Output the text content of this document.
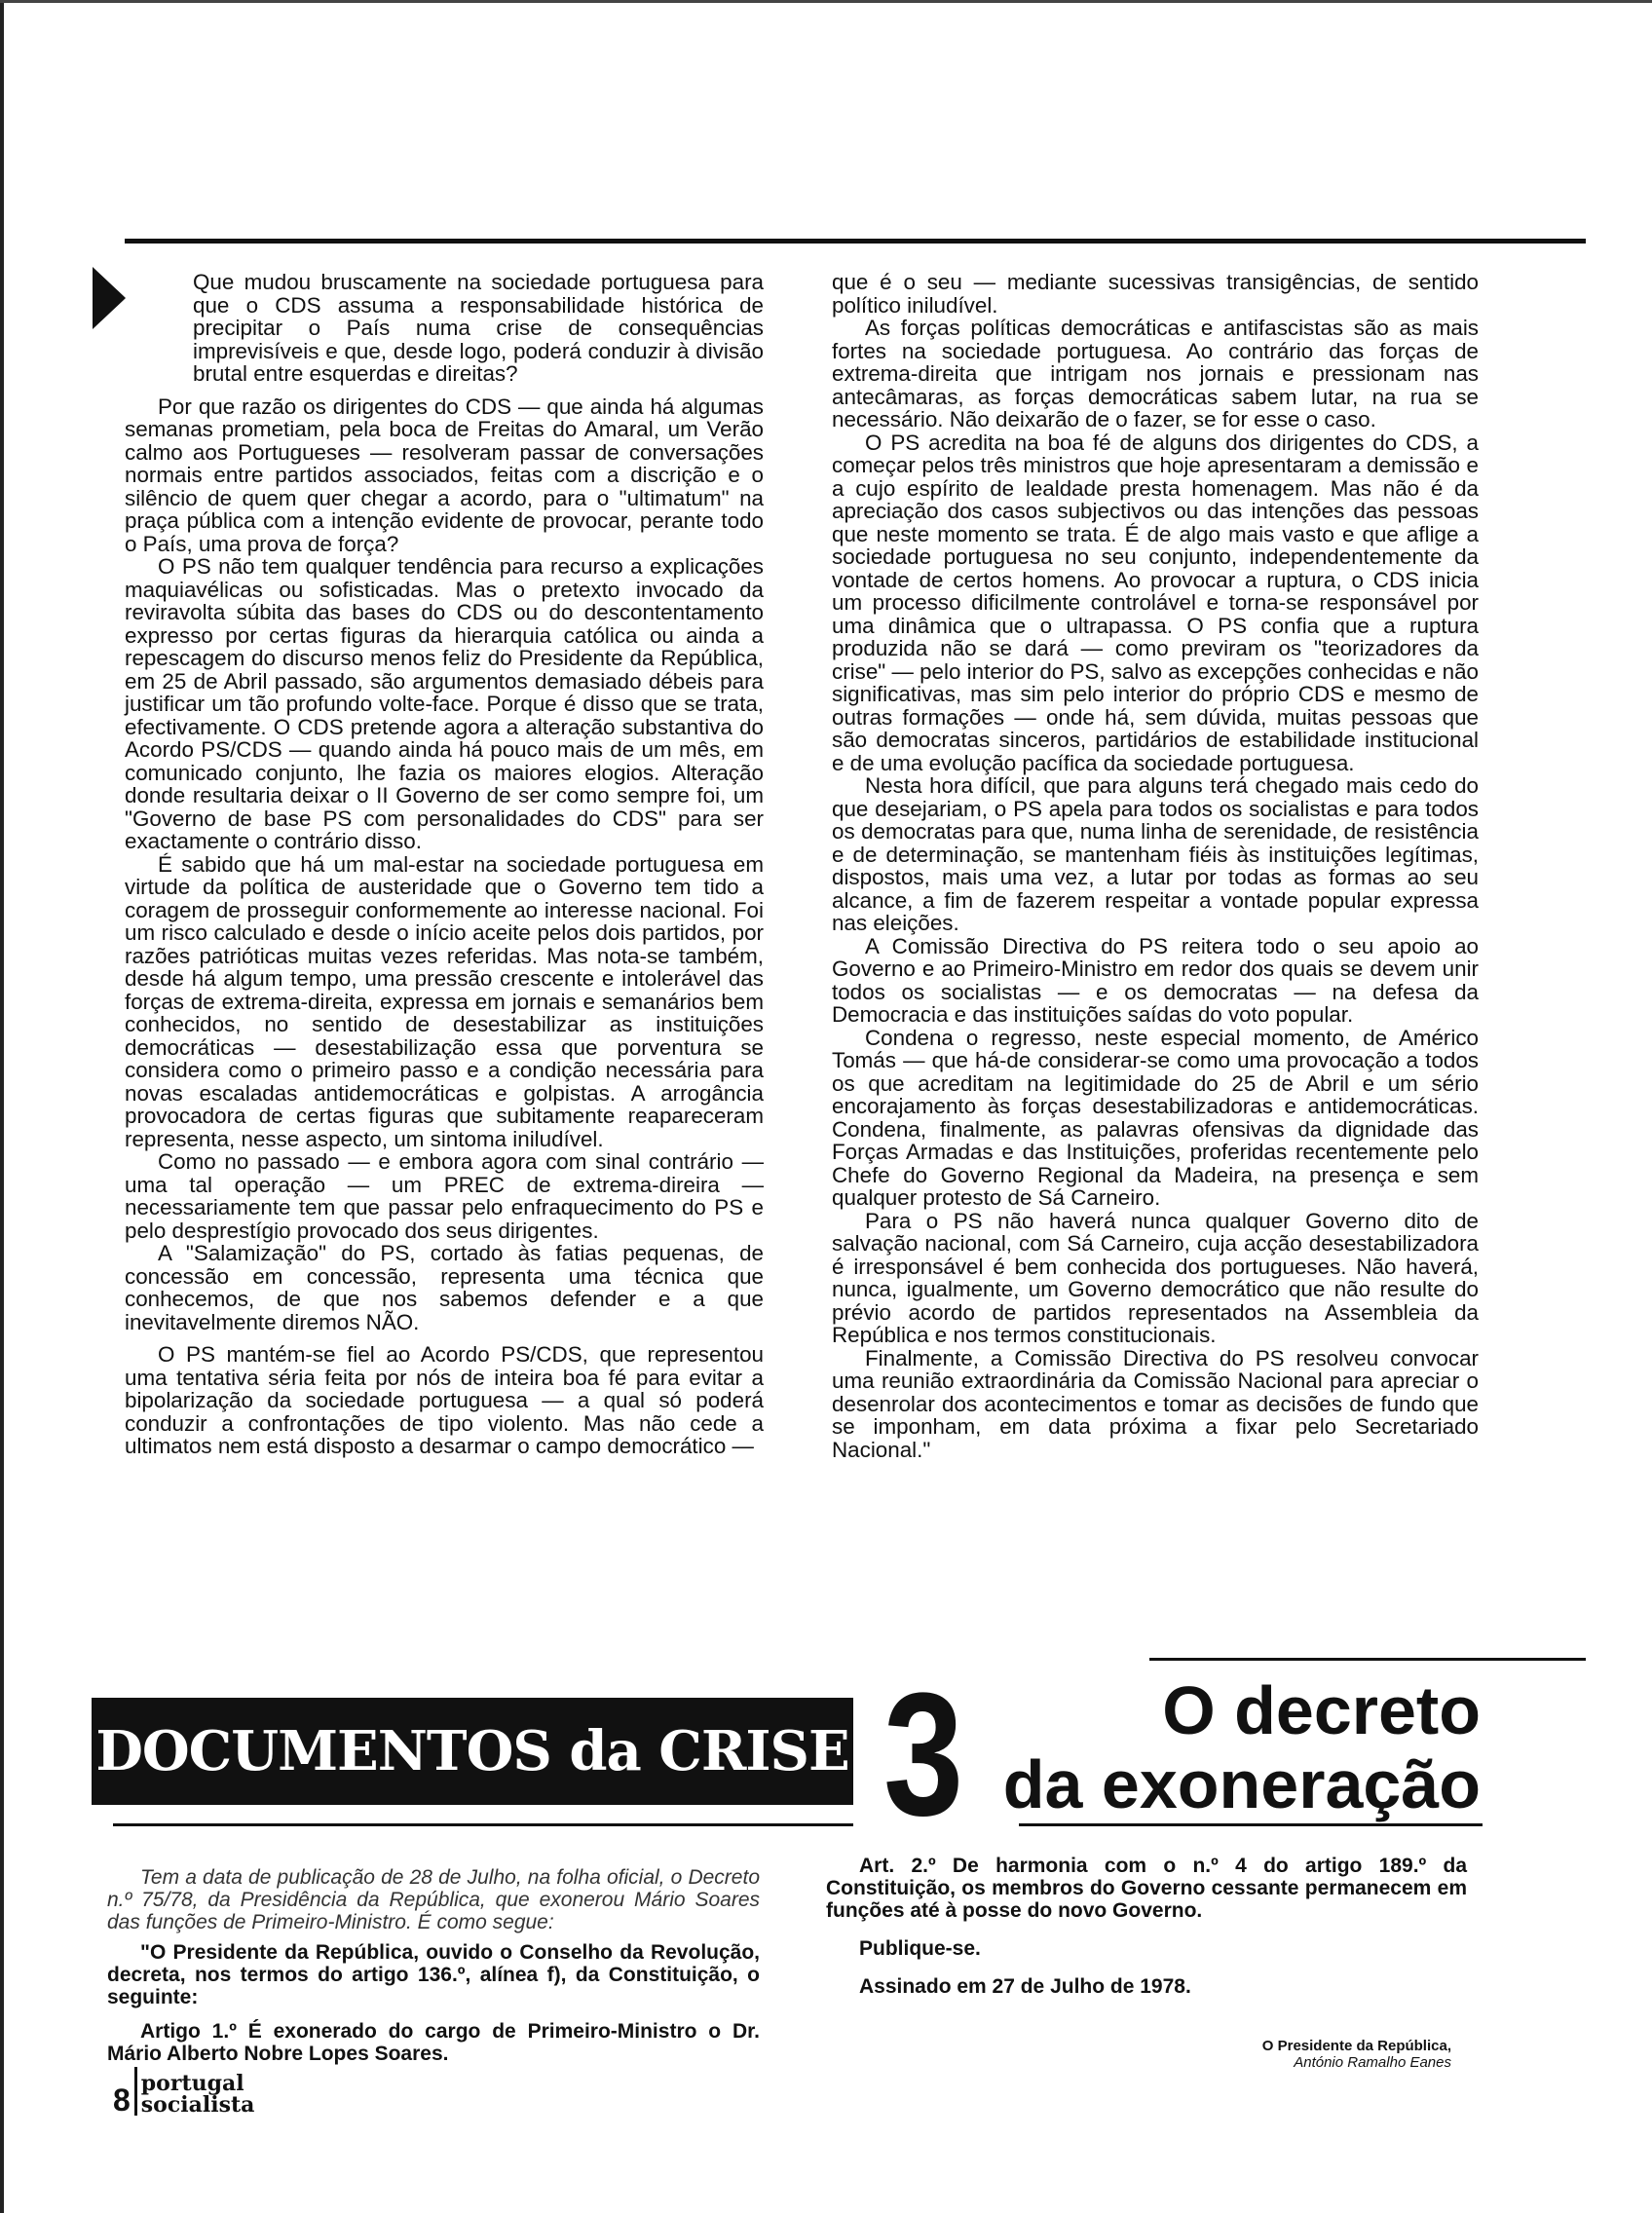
Que mudou bruscamente na sociedade portuguesa para que o CDS assuma a responsabilidade histórica de precipitar o País numa crise de consequências imprevisíveis e que, desde logo, poderá conduzir à divisão brutal entre esquerdas e direitas?

Por que razão os dirigentes do CDS — que ainda há algumas semanas prometiam, pela boca de Freitas do Amaral, um Verão calmo aos Portugueses — resolveram passar de conversações normais entre partidos associados, feitas com a discrição e o silêncio de quem quer chegar a acordo, para o "ultimatum" na praça pública com a intenção evidente de provocar, perante todo o País, uma prova de força?

O PS não tem qualquer tendência para recurso a explicações maquiavélicas ou sofisticadas. Mas o pretexto invocado da reviravolta súbita das bases do CDS ou do descontentamento expresso por certas figuras da hierarquia católica ou ainda a repescagem do discurso menos feliz do Presidente da República, em 25 de Abril passado, são argumentos demasiado débeis para justificar um tão profundo volte-face. Porque é disso que se trata, efectivamente. O CDS pretende agora a alteração substantiva do Acordo PS/CDS — quando ainda há pouco mais de um mês, em comunicado conjunto, lhe fazia os maiores elogios. Alteração donde resultaria deixar o II Governo de ser como sempre foi, um "Governo de base PS com personalidades do CDS" para ser exactamente o contrário disso.

É sabido que há um mal-estar na sociedade portuguesa em virtude da política de austeridade que o Governo tem tido a coragem de prosseguir conformemente ao interesse nacional. Foi um risco calculado e desde o início aceite pelos dois partidos, por razões patrióticas muitas vezes referidas. Mas nota-se também, desde há algum tempo, uma pressão crescente e intolerável das forças de extrema-direita, expressa em jornais e semanários bem conhecidos, no sentido de desestabilizar as instituições democráticas — desestabilização essa que porventura se considera como o primeiro passo e a condição necessária para novas escaladas antidemocráticas e golpistas. A arrogância provocadora de certas figuras que subitamente reapareceram representa, nesse aspecto, um sintoma iniludível.

Como no passado — e embora agora com sinal contrário — uma tal operação — um PREC de extrema-direira — necessariamente tem que passar pelo enfraquecimento do PS e pelo desprestígio provocado dos seus dirigentes.

A "Salamização" do PS, cortado às fatias pequenas, de concessão em concessão, representa uma técnica que conhecemos, de que nos sabemos defender e a que inevitavelmente diremos NÃO.

O PS mantém-se fiel ao Acordo PS/CDS, que representou uma tentativa séria feita por nós de inteira boa fé para evitar a bipolarização da sociedade portuguesa — a qual só poderá conduzir a confrontações de tipo violento. Mas não cede a ultimatos nem está disposto a desarmar o campo democrático —

que é o seu — mediante sucessivas transigências, de sentido político iniludível.

As forças políticas democráticas e antifascistas são as mais fortes na sociedade portuguesa. Ao contrário das forças de extrema-direita que intrigam nos jornais e pressionam nas antecâmaras, as forças democráticas sabem lutar, na rua se necessário. Não deixarão de o fazer, se for esse o caso.

O PS acredita na boa fé de alguns dos dirigentes do CDS, a começar pelos três ministros que hoje apresentaram a demissão e a cujo espírito de lealdade presta homenagem. Mas não é da apreciação dos casos subjectivos ou das intenções das pessoas que neste momento se trata. É de algo mais vasto e que aflige a sociedade portuguesa no seu conjunto, independentemente da vontade de certos homens. Ao provocar a ruptura, o CDS inicia um processo dificilmente controlável e torna-se responsável por uma dinâmica que o ultrapassa. O PS confia que a ruptura produzida não se dará — como previram os "teorizadores da crise" — pelo interior do PS, salvo as excepções conhecidas e não significativas, mas sim pelo interior do próprio CDS e mesmo de outras formações — onde há, sem dúvida, muitas pessoas que são democratas sinceros, partidários de estabilidade institucional e de uma evolução pacífica da sociedade portuguesa.

Nesta hora difícil, que para alguns terá chegado mais cedo do que desejariam, o PS apela para todos os socialistas e para todos os democratas para que, numa linha de serenidade, de resistência e de determinação, se mantenham fiéis às instituições legítimas, dispostos, mais uma vez, a lutar por todas as formas ao seu alcance, a fim de fazerem respeitar a vontade popular expressa nas eleições.

A Comissão Directiva do PS reitera todo o seu apoio ao Governo e ao Primeiro-Ministro em redor dos quais se devem unir todos os socialistas — e os democratas — na defesa da Democracia e das instituições saídas do voto popular.

Condena o regresso, neste especial momento, de Américo Tomás — que há-de considerar-se como uma provocação a todos os que acreditam na legitimidade do 25 de Abril e um sério encorajamento às forças desestabilizadoras e antidemocráticas. Condena, finalmente, as palavras ofensivas da dignidade das Forças Armadas e das Instituições, proferidas recentemente pelo Chefe do Governo Regional da Madeira, na presença e sem qualquer protesto de Sá Carneiro.

Para o PS não haverá nunca qualquer Governo dito de salvação nacional, com Sá Carneiro, cuja acção desestabilizadora é irresponsável é bem conhecida dos portugueses. Não haverá, nunca, igualmente, um Governo democrático que não resulte do prévio acordo de partidos representados na Assembleia da República e nos termos constitucionais.

Finalmente, a Comissão Directiva do PS resolveu convocar uma reunião extraordinária da Comissão Nacional para apreciar o desenrolar dos acontecimentos e tomar as decisões de fundo que se imponham, em data próxima a fixar pelo Secretariado Nacional."

DOCUMENTOS da CRISE 3	O decreto
da exoneração

Tem a data de publicação de 28 de Julho, na folha oficial, o Decreto n.º 75/78, da Presidência da República, que exonerou Mário Soares das funções de Primeiro-Ministro. É como segue:

"O Presidente da República, ouvido o Conselho da Revolução, decreta, nos termos do artigo 136.º, alínea f), da Constituição, o seguinte:

Artigo 1.º É exonerado do cargo de Primeiro-Ministro o Dr. Mário Alberto Nobre Lopes Soares.

Art. 2.º De harmonia com o n.º 4 do artigo 189.º da Constituição, os membros do Governo cessante permanecem em funções até à posse do novo Governo.

Publique-se.

Assinado em 27 de Julho de 1978.

O Presidente da República,
António Ramalho Eanes
8 portugal
socialista
